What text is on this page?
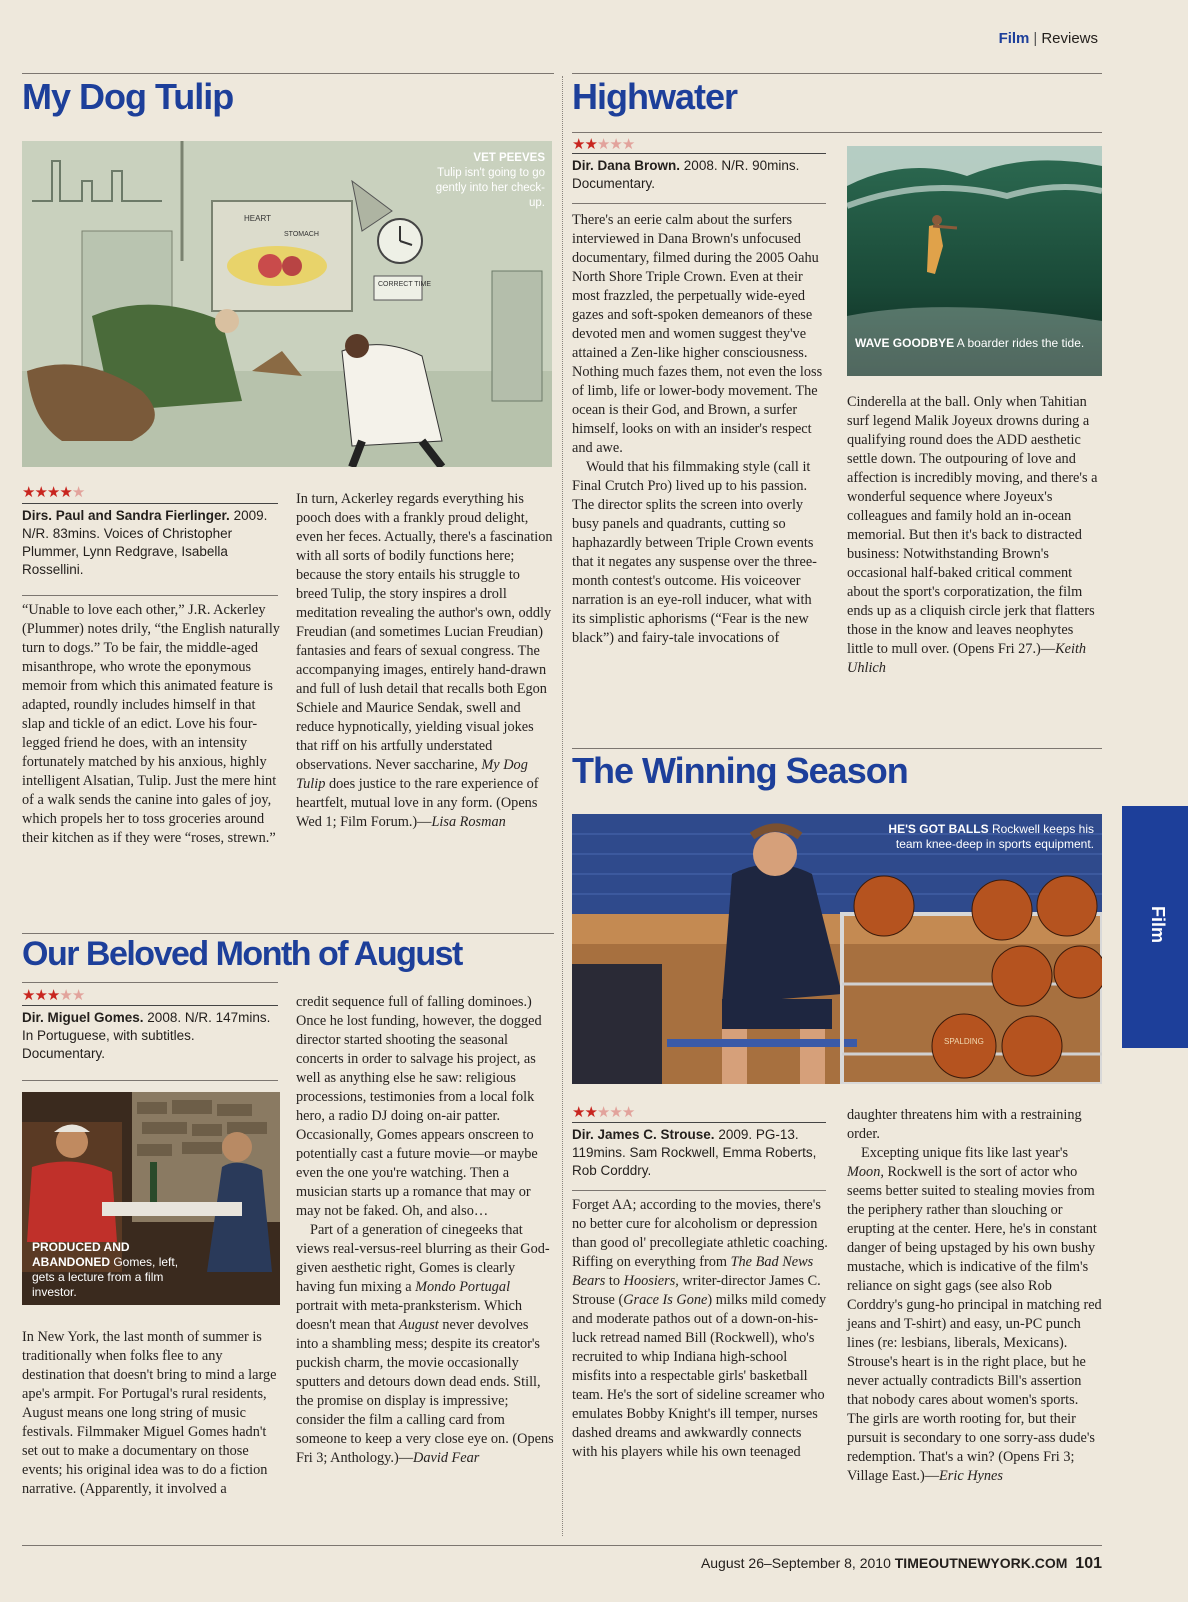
Film | Reviews
My Dog Tulip
HEART
STOMACH
CORRECT TIME
VET PEEVES
Tulip isn't going to go gently into her check-up.
★★★★★
Dirs. Paul and Sandra Fierlinger. 2009. N/R. 83mins. Voices of Christopher Plummer, Lynn Redgrave, Isabella Rossellini.

“Unable to love each other,” J.R. Ackerley (Plummer) notes drily, “the English naturally turn to dogs.” To be fair, the middle-aged misanthrope, who wrote the eponymous memoir from which this animated feature is adapted, roundly includes himself in that slap and tickle of an edict. Love his four-legged friend he does, with an intensity fortunately matched by his anxious, highly intelligent Alsatian, Tulip. Just the mere hint of a walk sends the canine into gales of joy, which propels her to toss groceries around their kitchen as if they were “roses, strewn.”

In turn, Ackerley regards everything his pooch does with a frankly proud delight, even her feces. Actually, there's a fascination with all sorts of bodily functions here; because the story entails his struggle to breed Tulip, the story inspires a droll meditation revealing the author's own, oddly Freudian (and sometimes Lucian Freudian) fantasies and fears of sexual congress. The accompanying images, entirely hand-drawn and full of lush detail that recalls both Egon Schiele and Maurice Sendak, swell and reduce hypnotically, yielding visual jokes that riff on his artfully understated observations. Never saccharine, My Dog Tulip does justice to the rare experience of heartfelt, mutual love in any form. (Opens Wed 1; Film Forum.)—Lisa Rosman

Highwater
★★★★★
Dir. Dana Brown. 2008. N/R. 90mins. Documentary.
WAVE GOODBYE A boarder rides the tide.

There's an eerie calm about the surfers interviewed in Dana Brown's unfocused documentary, filmed during the 2005 Oahu North Shore Triple Crown. Even at their most frazzled, the perpetually wide-eyed gazes and soft-spoken demeanors of these devoted men and women suggest they've attained a Zen-like higher consciousness. Nothing much fazes them, not even the loss of limb, life or lower-body movement. The ocean is their God, and Brown, a surfer himself, looks on with an insider's respect and awe.

Would that his filmmaking style (call it Final Crutch Pro) lived up to his passion. The director splits the screen into overly busy panels and quadrants, cutting so haphazardly between Triple Crown events that it negates any suspense over the three-month contest's outcome. His voiceover narration is an eye-roll inducer, what with its simplistic aphorisms (“Fear is the new black”) and fairy-tale invocations of

Cinderella at the ball. Only when Tahitian surf legend Malik Joyeux drowns during a qualifying round does the ADD aesthetic settle down. The outpouring of love and affection is incredibly moving, and there's a wonderful sequence where Joyeux's colleagues and family hold an in-ocean memorial. But then it's back to distracted business: Notwithstanding Brown's occasional half-baked critical comment about the sport's corporatization, the film ends up as a cliquish circle jerk that flatters those in the know and leaves neophytes little to mull over. (Opens Fri 27.)—Keith Uhlich

The Winning Season
SPALDING
HE'S GOT BALLS Rockwell keeps his team knee-deep in sports equipment.
★★★★★
Dir. James C. Strouse. 2009. PG-13. 119mins. Sam Rockwell, Emma Roberts, Rob Corddry.

Forget AA; according to the movies, there's no better cure for alcoholism or depression than good ol' precollegiate athletic coaching. Riffing on everything from The Bad News Bears to Hoosiers, writer-director James C. Strouse (Grace Is Gone) milks mild comedy and moderate pathos out of a down-on-his-luck retread named Bill (Rockwell), who's recruited to whip Indiana high-school misfits into a respectable girls' basketball team. He's the sort of sideline screamer who emulates Bobby Knight's ill temper, nurses dashed dreams and awkwardly connects with his players while his own teenaged

daughter threatens him with a restraining order.

Excepting unique fits like last year's Moon, Rockwell is the sort of actor who seems better suited to stealing movies from the periphery rather than slouching or erupting at the center. Here, he's in constant danger of being upstaged by his own bushy mustache, which is indicative of the film's reliance on sight gags (see also Rob Corddry's gung-ho principal in matching red jeans and T-shirt) and easy, un-PC punch lines (re: lesbians, liberals, Mexicans). Strouse's heart is in the right place, but he never actually contradicts Bill's assertion that nobody cares about women's sports. The girls are worth rooting for, but their pursuit is secondary to one sorry-ass dude's redemption. That's a win? (Opens Fri 3; Village East.)—Eric Hynes

Our Beloved Month of August
★★★★★
Dir. Miguel Gomes. 2008. N/R. 147mins. In Portuguese, with subtitles. Documentary.
PRODUCED AND ABANDONED Gomes, left, gets a lecture from a film investor.

In New York, the last month of summer is traditionally when folks flee to any destination that doesn't bring to mind a large ape's armpit. For Portugal's rural residents, August means one long string of music festivals. Filmmaker Miguel Gomes hadn't set out to make a documentary on those events; his original idea was to do a fiction narrative. (Apparently, it involved a

credit sequence full of falling dominoes.) Once he lost funding, however, the dogged director started shooting the seasonal concerts in order to salvage his project, as well as anything else he saw: religious processions, testimonies from a local folk hero, a radio DJ doing on-air patter. Occasionally, Gomes appears onscreen to potentially cast a future movie—or maybe even the one you're watching. Then a musician starts up a romance that may or may not be faked. Oh, and also…

Part of a generation of cinegeeks that views real-versus-reel blurring as their God-given aesthetic right, Gomes is clearly having fun mixing a Mondo Portugal portrait with meta-pranksterism. Which doesn't mean that August never devolves into a shambling mess; despite its creator's puckish charm, the movie occasionally sputters and detours down dead ends. Still, the promise on display is impressive; consider the film a calling card from someone to keep a very close eye on. (Opens Fri 3; Anthology.)—David Fear

Film
August 26–September 8, 2010 TIMEOUTNEWYORK.COM 101
